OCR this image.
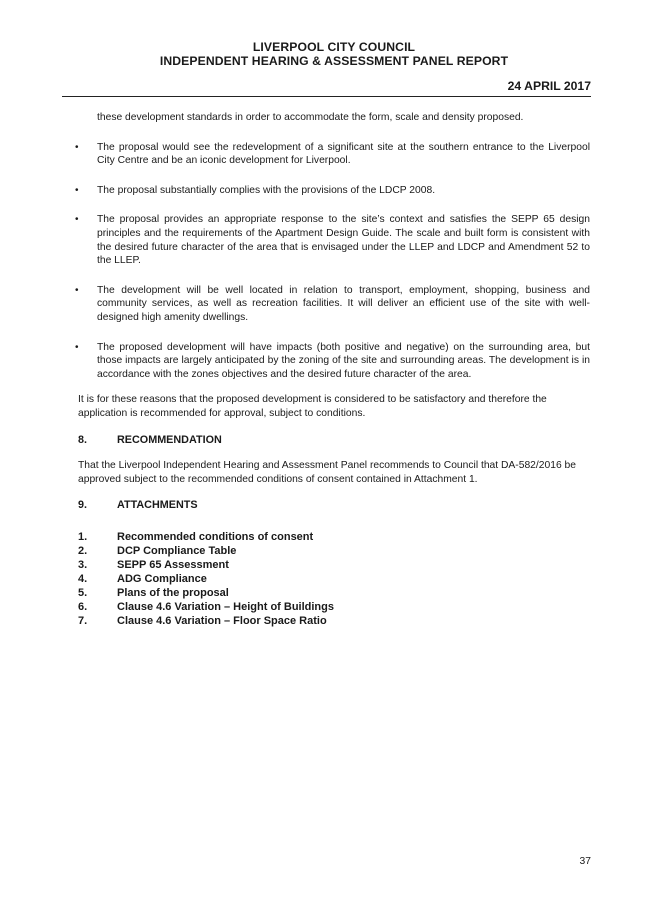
LIVERPOOL CITY COUNCIL
INDEPENDENT HEARING & ASSESSMENT PANEL REPORT
24 APRIL 2017

these development standards in order to accommodate the form, scale and density proposed.

• The proposal would see the redevelopment of a significant site at the southern entrance to the Liverpool City Centre and be an iconic development for Liverpool.
• The proposal substantially complies with the provisions of the LDCP 2008.
• The proposal provides an appropriate response to the site’s context and satisfies the SEPP 65 design principles and the requirements of the Apartment Design Guide. The scale and built form is consistent with the desired future character of the area that is envisaged under the LLEP and LDCP and Amendment 52 to the LLEP.
• The development will be well located in relation to transport, employment, shopping, business and community services, as well as recreation facilities. It will deliver an efficient use of the site with well-designed high amenity dwellings.
• The proposed development will have impacts (both positive and negative) on the surrounding area, but those impacts are largely anticipated by the zoning of the site and surrounding areas. The development is in accordance with the zones objectives and the desired future character of the area.

It is for these reasons that the proposed development is considered to be satisfactory and therefore the application is recommended for approval, subject to conditions.

8.	RECOMMENDATION

That the Liverpool Independent Hearing and Assessment Panel recommends to Council that DA-582/2016 be approved subject to the recommended conditions of consent contained in Attachment 1.

9.	ATTACHMENTS
1.	Recommended conditions of consent
2.	DCP Compliance Table
3.	SEPP 65 Assessment
4.	ADG Compliance
5.	Plans of the proposal
6.	Clause 4.6 Variation – Height of Buildings
7.	Clause 4.6 Variation – Floor Space Ratio
37
